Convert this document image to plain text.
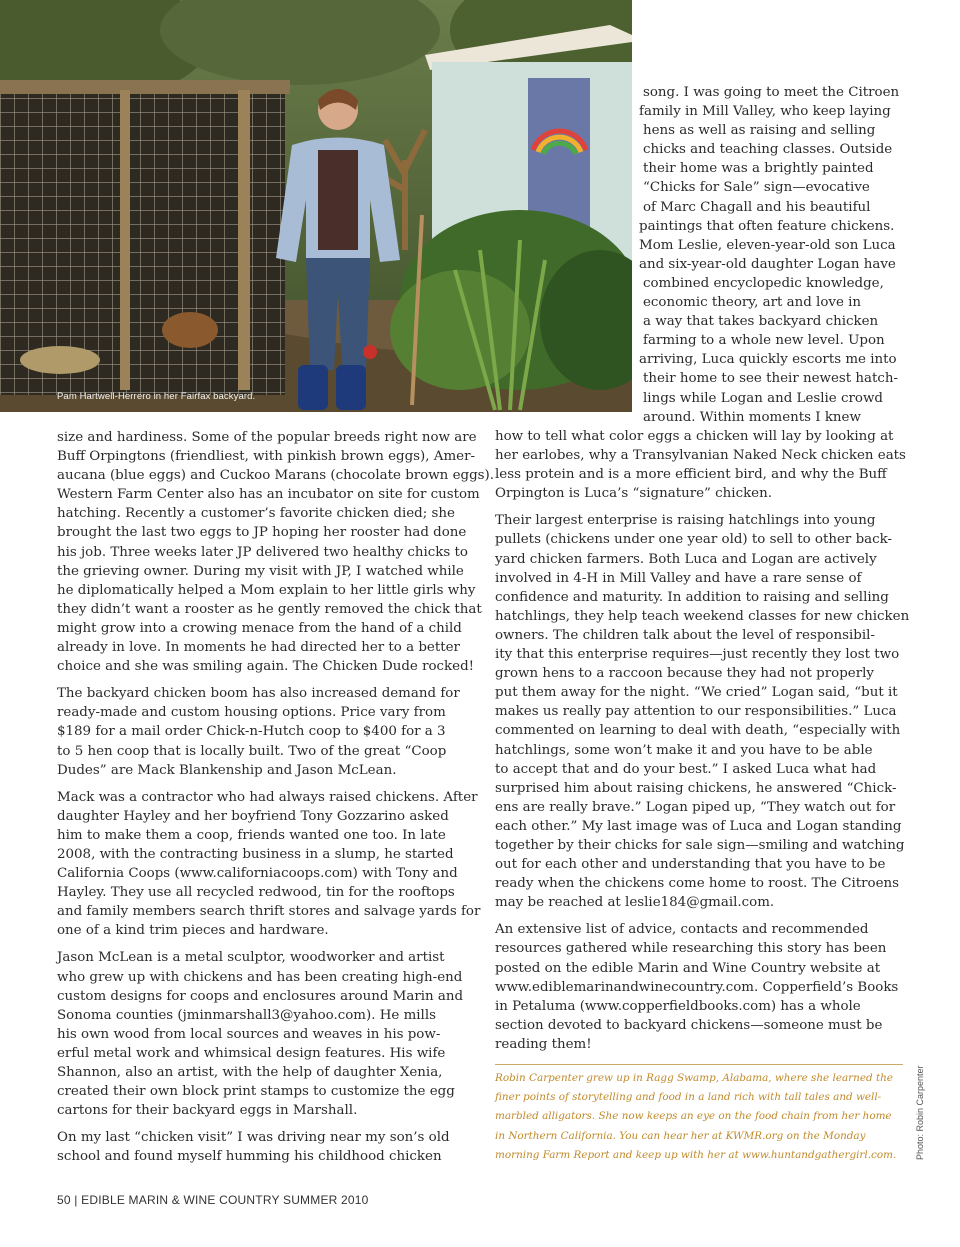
Pam Hartwell-Herrero in her Fairfax backyard.
song. I was going to meet the Citroen
family in Mill Valley, who keep laying
hens as well as raising and selling
chicks and teaching classes. Outside
their home was a brightly painted
“Chicks for Sale” sign—evocative
of Marc Chagall and his beautiful
paintings that often feature chickens.
Mom Leslie, eleven-year-old son Luca
and six-year-old daughter Logan have
combined encyclopedic knowledge,
economic theory, art and love in
a way that takes backyard chicken
farming to a whole new level. Upon
arriving, Luca quickly escorts me into
their home to see their newest hatch-
lings while Logan and Leslie crowd
around. Within moments I knew
size and hardiness. Some of the popular breeds right now are
Buff Orpingtons (friendliest, with pinkish brown eggs), Amer-
aucana (blue eggs) and Cuckoo Marans (chocolate brown eggs).
Western Farm Center also has an incubator on site for custom
hatching. Recently a customer’s favorite chicken died; she
brought the last two eggs to JP hoping her rooster had done
his job. Three weeks later JP delivered two healthy chicks to
the grieving owner. During my visit with JP, I watched while
he diplomatically helped a Mom explain to her little girls why
they didn’t want a rooster as he gently removed the chick that
might grow into a crowing menace from the hand of a child
already in love. In moments he had directed her to a better
choice and she was smiling again. The Chicken Dude rocked!
The backyard chicken boom has also increased demand for
ready-made and custom housing options. Price vary from
$189 for a mail order Chick-n-Hutch coop to $400 for a 3
to 5 hen coop that is locally built. Two of the great “Coop
Dudes” are Mack Blankenship and Jason McLean.
Mack was a contractor who had always raised chickens. After
daughter Hayley and her boyfriend Tony Gozzarino asked
him to make them a coop, friends wanted one too. In late
2008, with the contracting business in a slump, he started
California Coops (www.californiacoops.com) with Tony and
Hayley. They use all recycled redwood, tin for the rooftops
and family members search thrift stores and salvage yards for
one of a kind trim pieces and hardware.
Jason McLean is a metal sculptor, woodworker and artist
who grew up with chickens and has been creating high-end
custom designs for coops and enclosures around Marin and
Sonoma counties (jminmarshall3@yahoo.com). He mills
his own wood from local sources and weaves in his pow-
erful metal work and whimsical design features. His wife
Shannon, also an artist, with the help of daughter Xenia,
created their own block print stamps to customize the egg
cartons for their backyard eggs in Marshall.
On my last “chicken visit” I was driving near my son’s old
school and found myself humming his childhood chicken
how to tell what color eggs a chicken will lay by looking at
her earlobes, why a Transylvanian Naked Neck chicken eats
less protein and is a more efficient bird, and why the Buff
Orpington is Luca’s “signature” chicken.
Their largest enterprise is raising hatchlings into young
pullets (chickens under one year old) to sell to other back-
yard chicken farmers. Both Luca and Logan are actively
involved in 4-H in Mill Valley and have a rare sense of
confidence and maturity. In addition to raising and selling
hatchlings, they help teach weekend classes for new chicken
owners. The children talk about the level of responsibil-
ity that this enterprise requires—just recently they lost two
grown hens to a raccoon because they had not properly
put them away for the night. “We cried” Logan said, “but it
makes us really pay attention to our responsibilities.” Luca
commented on learning to deal with death, “especially with
hatchlings, some won’t make it and you have to be able
to accept that and do your best.” I asked Luca what had
surprised him about raising chickens, he answered “Chick-
ens are really brave.” Logan piped up, “They watch out for
each other.” My last image was of Luca and Logan standing
together by their chicks for sale sign—smiling and watching
out for each other and understanding that you have to be
ready when the chickens come home to roost. The Citroens
may be reached at leslie184@gmail.com.
An extensive list of advice, contacts and recommended
resources gathered while researching this story has been
posted on the edible Marin and Wine Country website at
www.ediblemarinandwinecountry.com. Copperfield’s Books
in Petaluma (www.copperfieldbooks.com) has a whole
section devoted to backyard chickens—someone must be
reading them!
Robin Carpenter grew up in Ragg Swamp, Alabama, where she learned the
finer points of storytelling and food in a land rich with tall tales and well-
marbled alligators. She now keeps an eye on the food chain from her home
in Northern California. You can hear her at KWMR.org on the Monday
morning Farm Report and keep up with her at www.huntandgathergirl.com.	Photo: Robin Carpenter
50 | EDIBLE MARIN & WINE COUNTRY SUMMER 2010
